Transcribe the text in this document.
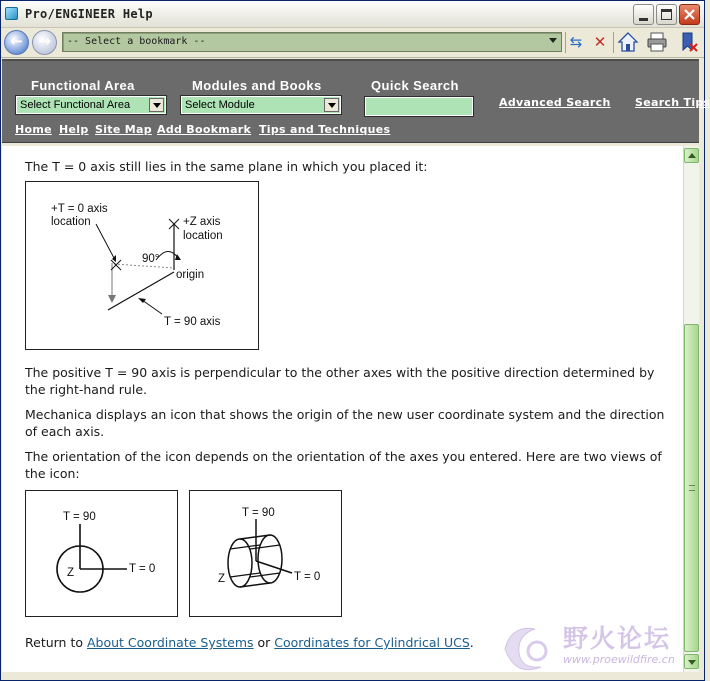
Pro/ENGINEER Help
←	→	-- Select a bookmark --	⇆ ✕
Functional Area
Select Functional Area
Modules and Books
Select Module
Quick Search
Advanced Search Search Tips
Home Help Site Map Add Bookmark Tips and Techniques
The T = 0 axis still lies in the same plane in which you placed it:
+T = 0 axis
location	+Z axis
location
90°
origin
T = 90 axis
The positive T = 90 axis is perpendicular to the other axes with the positive direction determined by the right-hand rule.
Mechanica displays an icon that shows the origin of the new user coordinate system and the direction of each axis.
The orientation of the icon depends on the orientation of the axes you entered. Here are two views of the icon:
T = 90
Z	T = 0
T = 90
Z	T = 0
Return to About Coordinate Systems or Coordinates for Cylindrical UCS.	野火论坛
www.proewildfire.cn
